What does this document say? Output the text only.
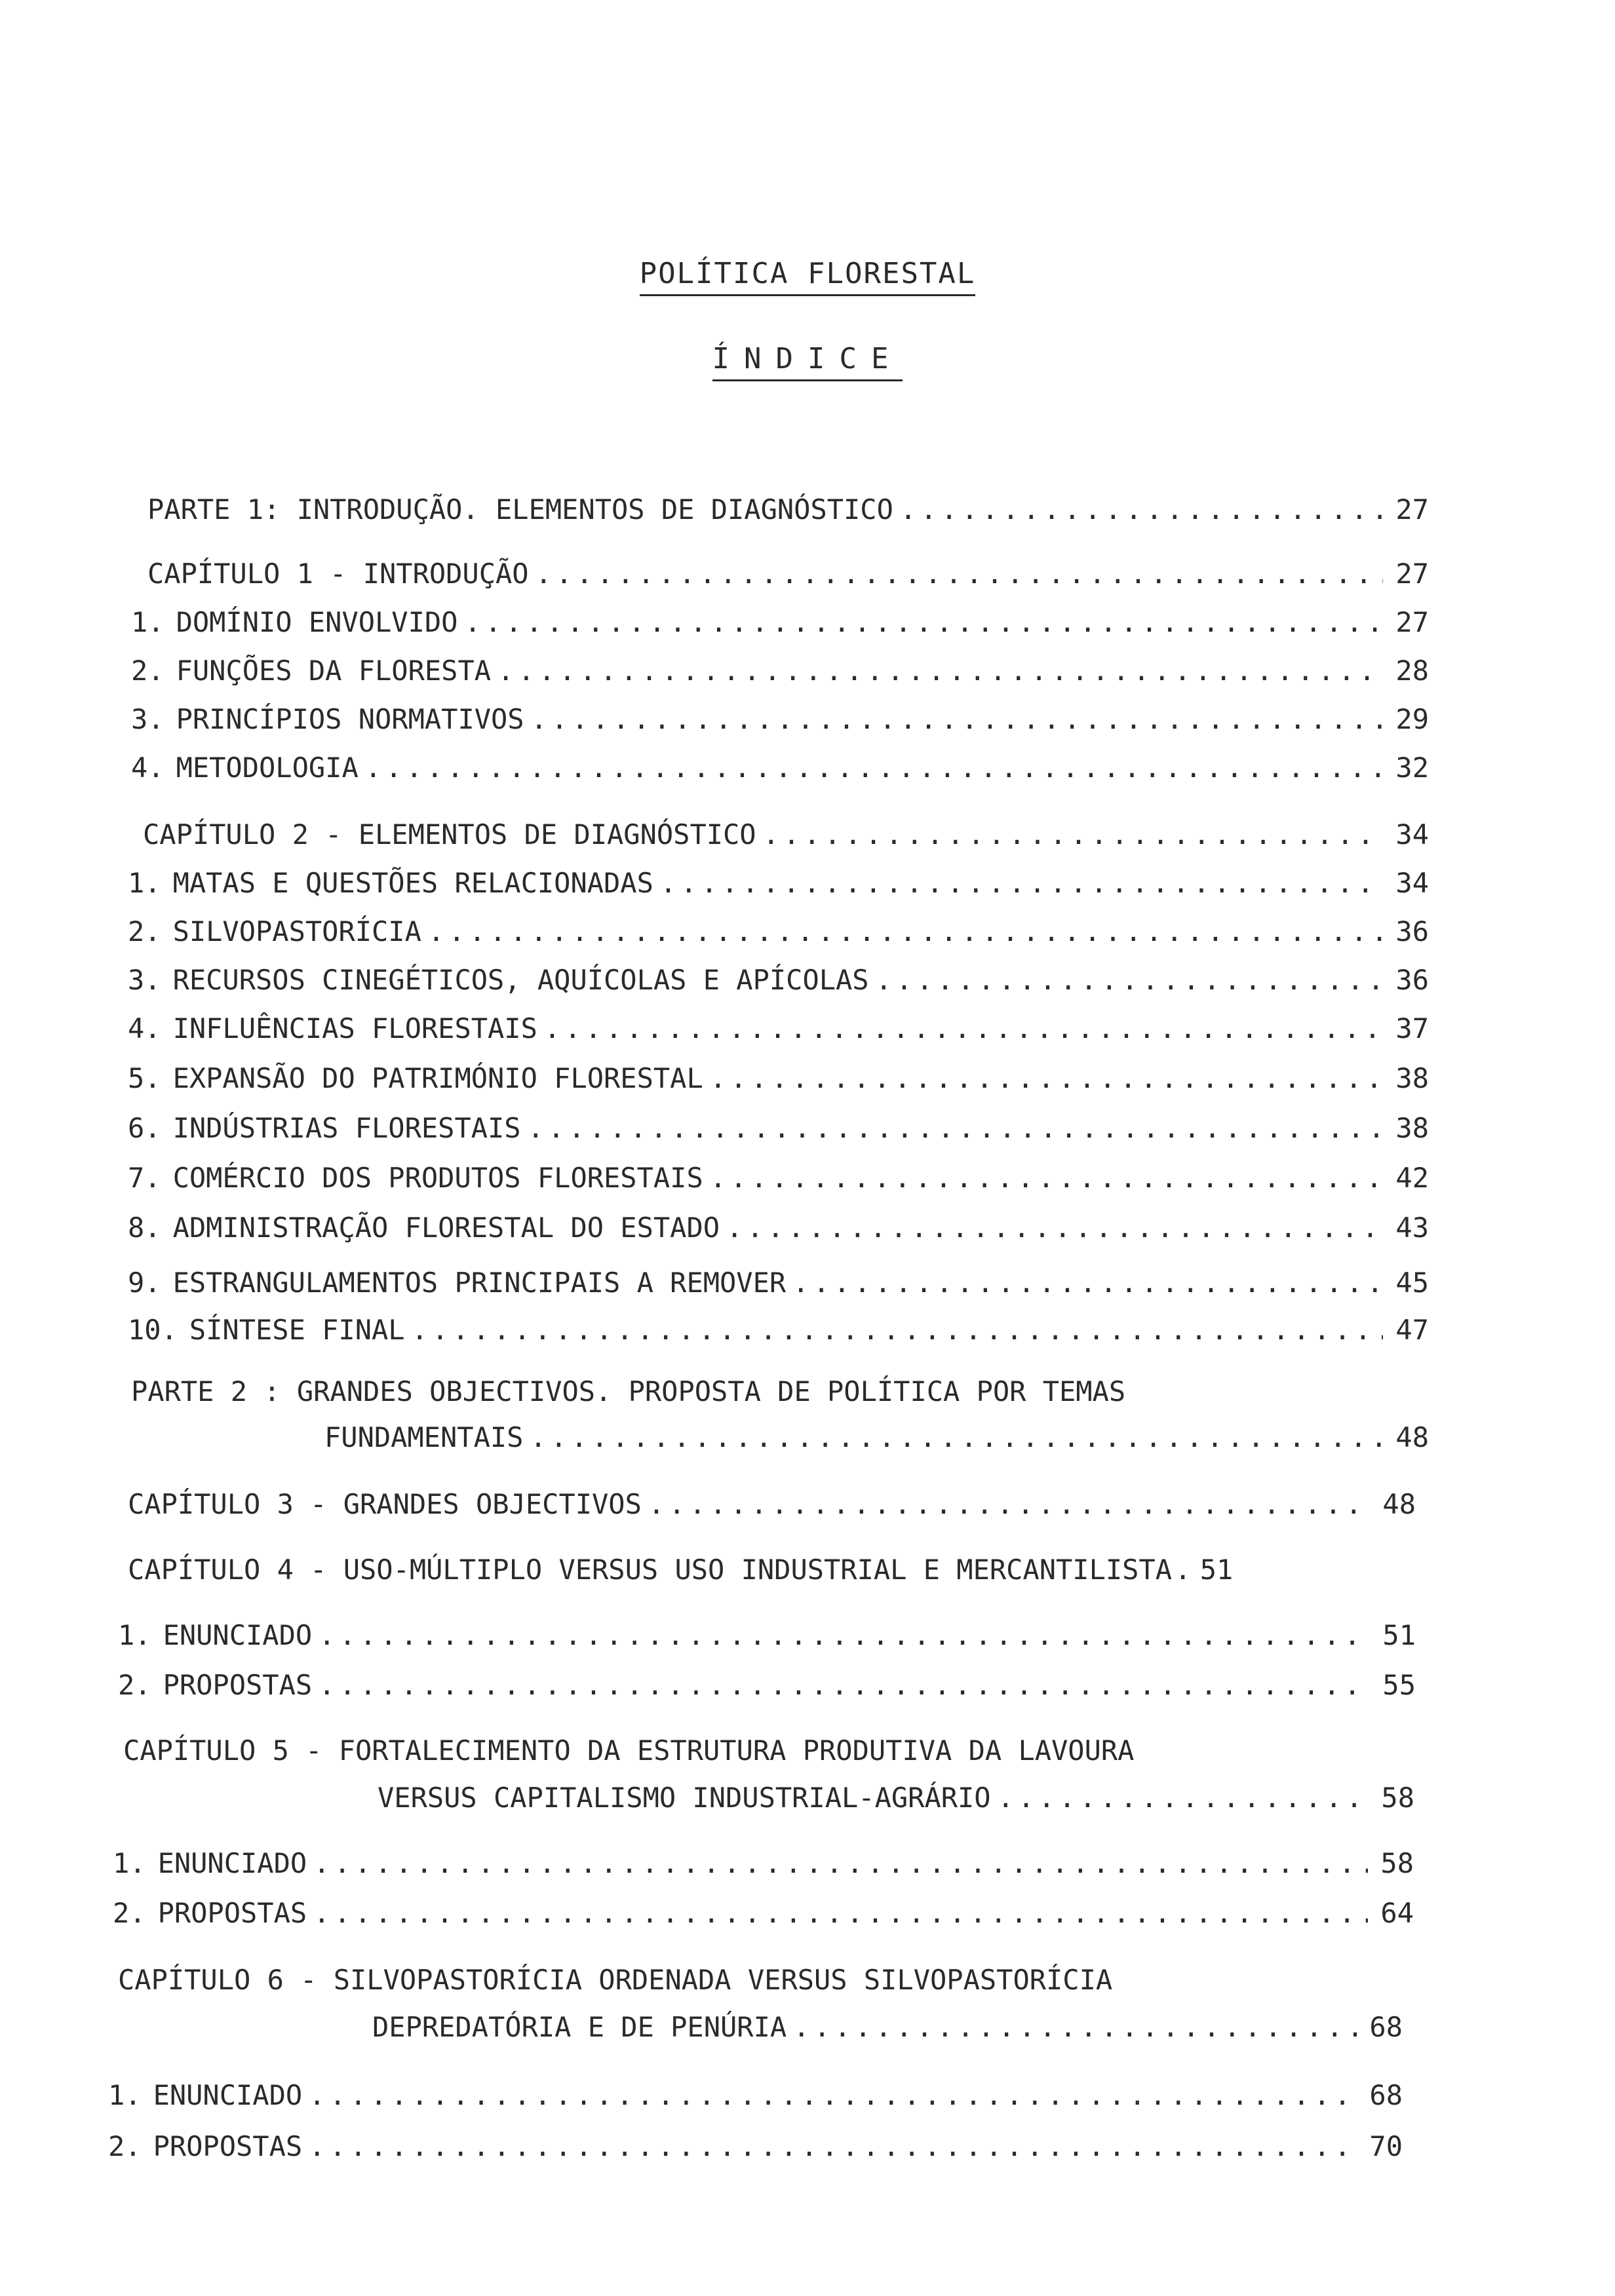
POLÍTICA FLORESTAL
ÍNDICE
PARTE 1: INTRODUÇÃO. ELEMENTOS DE DIAGNÓSTICO .....	27
CAPÍTULO 1 - INTRODUÇÃO .....	27
1. DOMÍNIO ENVOLVIDO .....	27
2. FUNÇÕES DA FLORESTA .....	28
3. PRINCÍPIOS NORMATIVOS .....	29
4. METODOLOGIA .....	32
CAPÍTULO 2 - ELEMENTOS DE DIAGNÓSTICO .....	34
1. MATAS E QUESTÕES RELACIONADAS .....	34
2. SILVOPASTORÍCIA .....	36
3. RECURSOS CINEGÉTICOS, AQUÍCOLAS E APÍCOLAS .....	36
4. INFLUÊNCIAS FLORESTAIS .....	37
5. EXPANSÃO DO PATRIMÓNIO FLORESTAL .....	38
6. INDÚSTRIAS FLORESTAIS .....	38
7. COMÉRCIO DOS PRODUTOS FLORESTAIS .....	42
8. ADMINISTRAÇÃO FLORESTAL DO ESTADO .....	43
9. ESTRANGULAMENTOS PRINCIPAIS A REMOVER .....	45
10. SÍNTESE FINAL .....	47
PARTE 2 : GRANDES OBJECTIVOS. PROPOSTA DE POLÍTICA POR TEMAS
FUNDAMENTAIS .....	48
CAPÍTULO 3 - GRANDES OBJECTIVOS .....	48
CAPÍTULO 4 - USO-MÚLTIPLO VERSUS USO INDUSTRIAL E MERCANTILISTA . 51
1. ENUNCIADO .....	51
2. PROPOSTAS .....	55
CAPÍTULO 5 - FORTALECIMENTO DA ESTRUTURA PRODUTIVA DA LAVOURA
VERSUS CAPITALISMO INDUSTRIAL-AGRÁRIO .....	58
1. ENUNCIADO .....	58
2. PROPOSTAS .....	64
CAPÍTULO 6 - SILVOPASTORÍCIA ORDENADA VERSUS SILVOPASTORÍCIA
DEPREDATÓRIA E DE PENÚRIA .....	68
1. ENUNCIADO .....	68
2. PROPOSTAS .....	70
